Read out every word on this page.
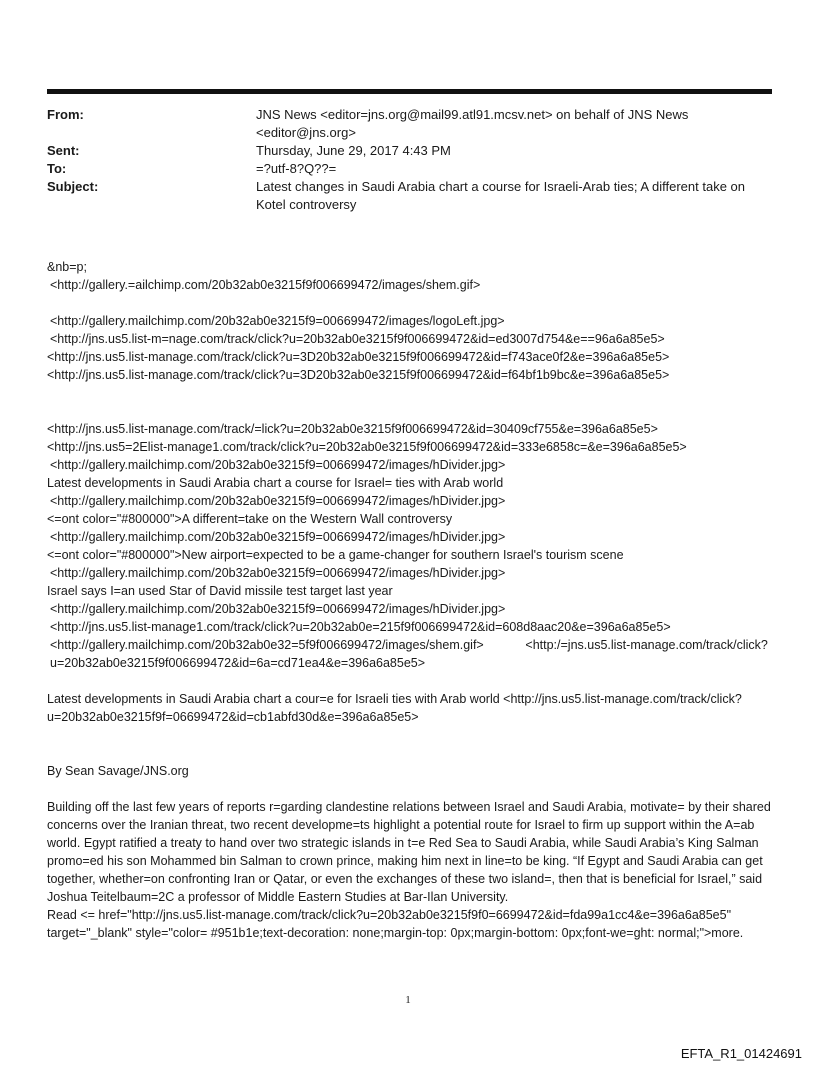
From:	JNS News <editor=jns.org@mail99.atl91.mcsv.net> on behalf of JNS News <editor@jns.org>
Sent:	Thursday, June 29, 2017 4:43 PM
To:	=?utf-8?Q??=
Subject:	Latest changes in Saudi Arabia chart a course for Israeli-Arab ties; A different take on Kotel controversy

&nb=p;

<http://gallery.=ailchimp.com/20b32ab0e3215f9f006699472/images/shem.gif>

<http://gallery.mailchimp.com/20b32ab0e3215f9=006699472/images/logoLeft.jpg>

<http://jns.us5.list-m=nage.com/track/click?u=20b32ab0e3215f9f006699472&id=ed3007d754&e==96a6a85e5>

<http://jns.us5.list-manage.com/track/click?u=3D20b32ab0e3215f9f006699472&id=f743ace0f2&e=396a6a85e5>

<http://jns.us5.list-manage.com/track/click?u=3D20b32ab0e3215f9f006699472&id=f64bf1b9bc&e=396a6a85e5>

<http://jns.us5.list-manage.com/track/=lick?u=20b32ab0e3215f9f006699472&id=30409cf755&e=396a6a85e5>

<http://jns.us5=2Elist-manage1.com/track/click?u=20b32ab0e3215f9f006699472&id=333e6858c=&e=396a6a85e5>

<http://gallery.mailchimp.com/20b32ab0e3215f9=006699472/images/hDivider.jpg>

Latest developments in Saudi Arabia chart a course for Israel= ties with Arab world

<http://gallery.mailchimp.com/20b32ab0e3215f9=006699472/images/hDivider.jpg>

<=ont color="#800000">A different=take on the Western Wall controversy

<http://gallery.mailchimp.com/20b32ab0e3215f9=006699472/images/hDivider.jpg>

<=ont color="#800000">New airport=expected to be a game-changer for southern Israel's tourism scene

<http://gallery.mailchimp.com/20b32ab0e3215f9=006699472/images/hDivider.jpg>

Israel says I=an used Star of David missile test target last year

<http://gallery.mailchimp.com/20b32ab0e3215f9=006699472/images/hDivider.jpg>

<http://jns.us5.list-manage1.com/track/click?u=20b32ab0e=215f9f006699472&id=608d8aac20&e=396a6a85e5>

<http://gallery.mailchimp.com/20b32ab0e32=5f9f006699472/images/shem.gif>            <http:/=jns.us5.list-manage.com/track/click?u=20b32ab0e3215f9f006699472&id=6a=cd71ea4&e=396a6a85e5>

Latest developments in Saudi Arabia chart a cour=e for Israeli ties with Arab world <http://jns.us5.list-manage.com/track/click?u=20b32ab0e3215f9f=06699472&id=cb1abfd30d&e=396a6a85e5>

By Sean Savage/JNS.org

Building off the last few years of reports r=garding clandestine relations between Israel and Saudi Arabia, motivate= by their shared concerns over the Iranian threat, two recent developme=ts highlight a potential route for Israel to firm up support within the A=ab world. Egypt ratified a treaty to hand over two strategic islands in t=e Red Sea to Saudi Arabia, while Saudi Arabia’s King Salman promo=ed his son Mohammed bin Salman to crown prince, making him next in line=to be king. “If Egypt and Saudi Arabia can get together, whether=on confronting Iran or Qatar, or even the exchanges of these two island=, then that is beneficial for Israel,” said Joshua Teitelbaum=2C a professor of Middle Eastern Studies at Bar-Ilan University.

Read <= href="http://jns.us5.list-manage.com/track/click?u=20b32ab0e3215f9f0=6699472&id=fda99a1cc4&e=396a6a85e5" target="_blank" style="color= #951b1e;text-decoration: none;margin-top: 0px;margin-bottom: 0px;font-we=ght: normal;">more.

1
EFTA_R1_01424691
